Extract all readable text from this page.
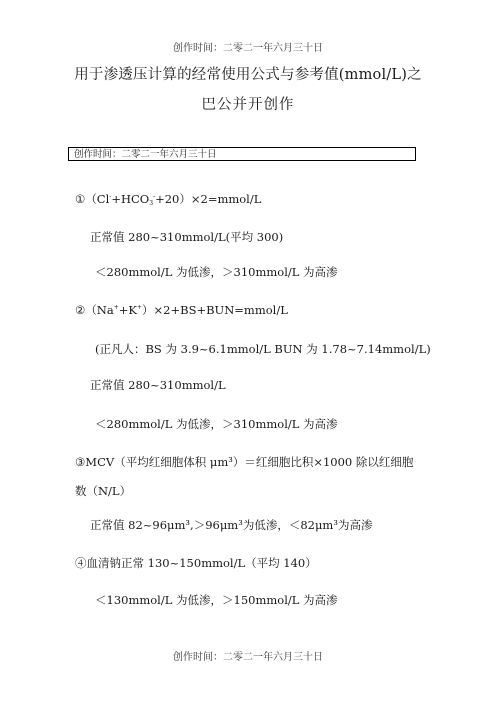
创作时间：二零二一年六月三十日
用于渗透压计算的经常使用公式与参考值(mmol/L)之
巴公并开创作
创作时间：二零二一年六月三十日
$①(Cl^-+HCO_3^-+20)\times 2=mmol/L$
正常值 280~310mmol/L(平均 300)
＜280mmol/L 为低渗，＞310mmol/L 为高渗
②（Na++K+）×2+BS+BUN=mmol/L
(正凡人：BS 为 3.9~6.1mmol/L BUN 为 1.78~7.14mmol/L)
正常值 280~310mmol/L
＜280mmol/L 为低渗，＞310mmol/L 为高渗
③MCV（平均红细胞体积 μm³）＝红细胞比积×1000 除以红细胞
数（N/L）
正常值 82~96μm³,＞96μm³为低渗，＜82μm³为高渗
④血清钠正常 130~150mmol/L（平均 140）
＜130mmol/L 为低渗，＞150mmol/L 为高渗
创作时间：二零二一年六月三十日
